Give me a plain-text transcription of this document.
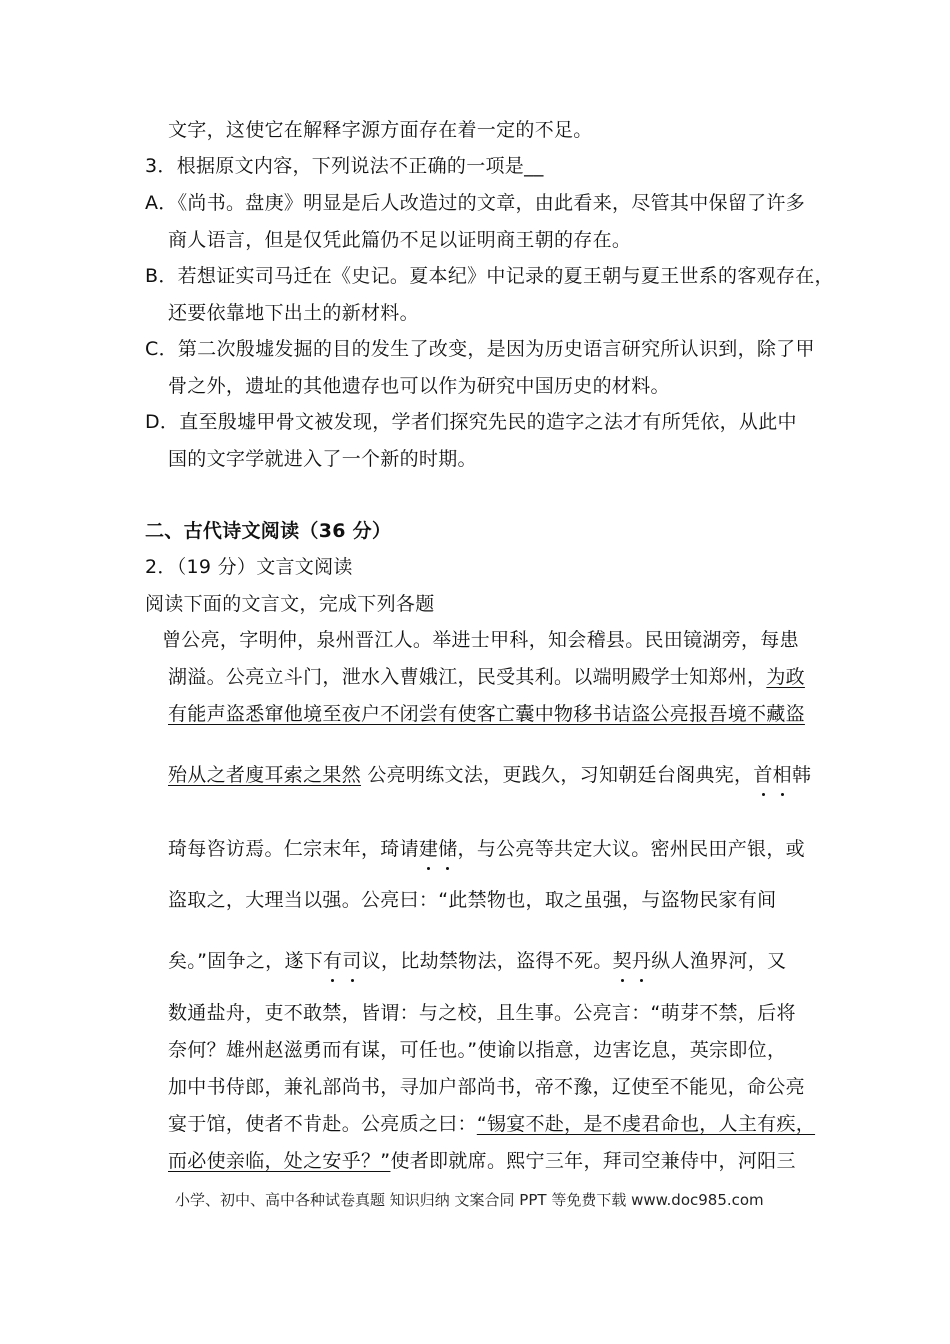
文字，这使它在解释字源方面存在着一定的不足。
3．根据原文内容，下列说法不正确的一项是__
A．《尚书。盘庚》明显是后人改造过的文章，由此看来，尽管其中保留了许多
商人语言，但是仅凭此篇仍不足以证明商王朝的存在。
B．若想证实司马迁在《史记。夏本纪》中记录的夏王朝与夏王世系的客观存在，
还要依靠地下出土的新材料。
C．第二次殷墟发掘的目的发生了改变，是因为历史语言研究所认识到，除了甲
骨之外，遗址的其他遗存也可以作为研究中国历史的材料。
D．直至殷墟甲骨文被发现，学者们探究先民的造字之法才有所凭依，从此中
国的文字学就进入了一个新的时期。
二、古代诗文阅读（36 分）
2．（19 分）文言文阅读
阅读下面的文言文，完成下列各题
曾公亮，字明仲，泉州晋江人。举进士甲科，知会稽县。民田镜湖旁，每患
湖溢。公亮立斗门，泄水入曹娥江，民受其利。以端明殿学士知郑州，为政
有能声盗悉窜他境至夜户不闭尝有使客亡囊中物移书诘盗公亮报吾境不藏盗
殆从之者廋耳索之果然 公亮明练文法，更践久，习知朝廷台阁典宪，首相韩
琦每咨访焉。仁宗末年，琦请建储，与公亮等共定大议。密州民田产银，或
盗取之，大理当以强。公亮曰：“此禁物也，取之虽强，与盗物民家有间
矣。”固争之，遂下有司议，比劫禁物法，盗得不死。契丹纵人渔界河，又
数通盐舟，吏不敢禁，皆谓：与之校，且生事。公亮言：“萌芽不禁，后将
奈何？雄州赵滋勇而有谋，可任也。”使谕以指意，边害讫息，英宗即位，
加中书侍郎，兼礼部尚书，寻加户部尚书，帝不豫，辽使至不能见，命公亮
宴于馆，使者不肯赴。公亮质之曰：“锡宴不赴，是不虔君命也，人主有疾，
而必使亲临，处之安乎？”使者即就席。熙宁三年，拜司空兼侍中，河阳三
小学、初中、高中各种试卷真题 知识归纳 文案合同 PPT 等免费下载 www.doc985.com
